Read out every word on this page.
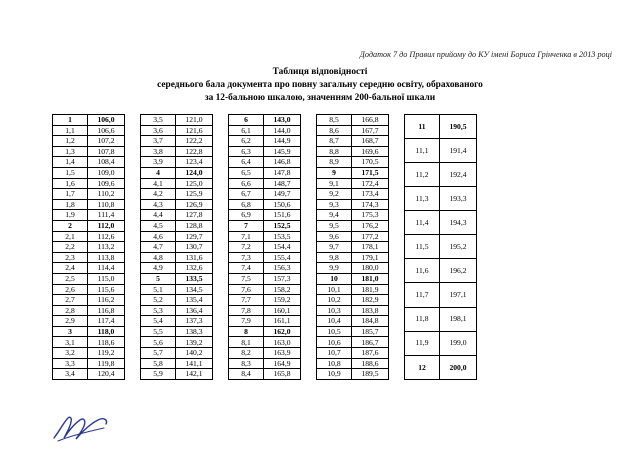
Додаток 7 до Правил прийому до КУ імені Бориса Грінченка в 2013 році
Таблиця відповідності
середнього бала документа про повну загальну середню освіту, обрахованого
за 12-бальною шкалою, значенням 200-бальної шкали
1	106,0
1,1	106,6
1,2	107,2
1,3	107,8
1,4	108,4
1,5	109,0
1,6	109,6
1,7	110,2
1,8	110,8
1,9	111,4
2	112,0
2,1	112,6
2,2	113,2
2,3	113,8
2,4	114,4
2,5	115,0
2,6	115,6
2,7	116,2
2,8	116,8
2,9	117,4
3	118,0
3,1	118,6
3,2	119,2
3,3	119,8
3,4	120,4
3,5	121,0
3,6	121,6
3,7	122,2
3,8	122,8
3,9	123,4
4	124,0
4,1	125,0
4,2	125,9
4,3	126,9
4,4	127,8
4,5	128,8
4,6	129,7
4,7	130,7
4,8	131,6
4,9	132,6
5	133,5
5,1	134,5
5,2	135,4
5,3	136,4
5,4	137,3
5,5	138,3
5,6	139,2
5,7	140,2
5,8	141,1
5,9	142,1
6	143,0
6,1	144,0
6,2	144,9
6,3	145,9
6,4	146,8
6,5	147,8
6,6	148,7
6,7	149,7
6,8	150,6
6,9	151,6
7	152,5
7,1	153,5
7,2	154,4
7,3	155,4
7,4	156,3
7,5	157,3
7,6	158,2
7,7	159,2
7,8	160,1
7,9	161,1
8	162,0
8,1	163,0
8,2	163,9
8,3	164,9
8,4	165,8
8,5	166,8
8,6	167,7
8,7	168,7
8,8	169,6
8,9	170,5
9	171,5
9,1	172,4
9,2	173,4
9,3	174,3
9,4	175,3
9,5	176,2
9,6	177,2
9,7	178,1
9,8	179,1
9,9	180,0
10	181,0
10,1	181,9
10,2	182,9
10,3	183,8
10,4	184,8
10,5	185,7
10,6	186,7
10,7	187,6
10,8	188,6
10,9	189,5
11	190,5
11,1	191,4
11,2	192,4
11,3	193,3
11,4	194,3
11,5	195,2
11,6	196,2
11,7	197,1
11,8	198,1
11,9	199,0
12	200,0
